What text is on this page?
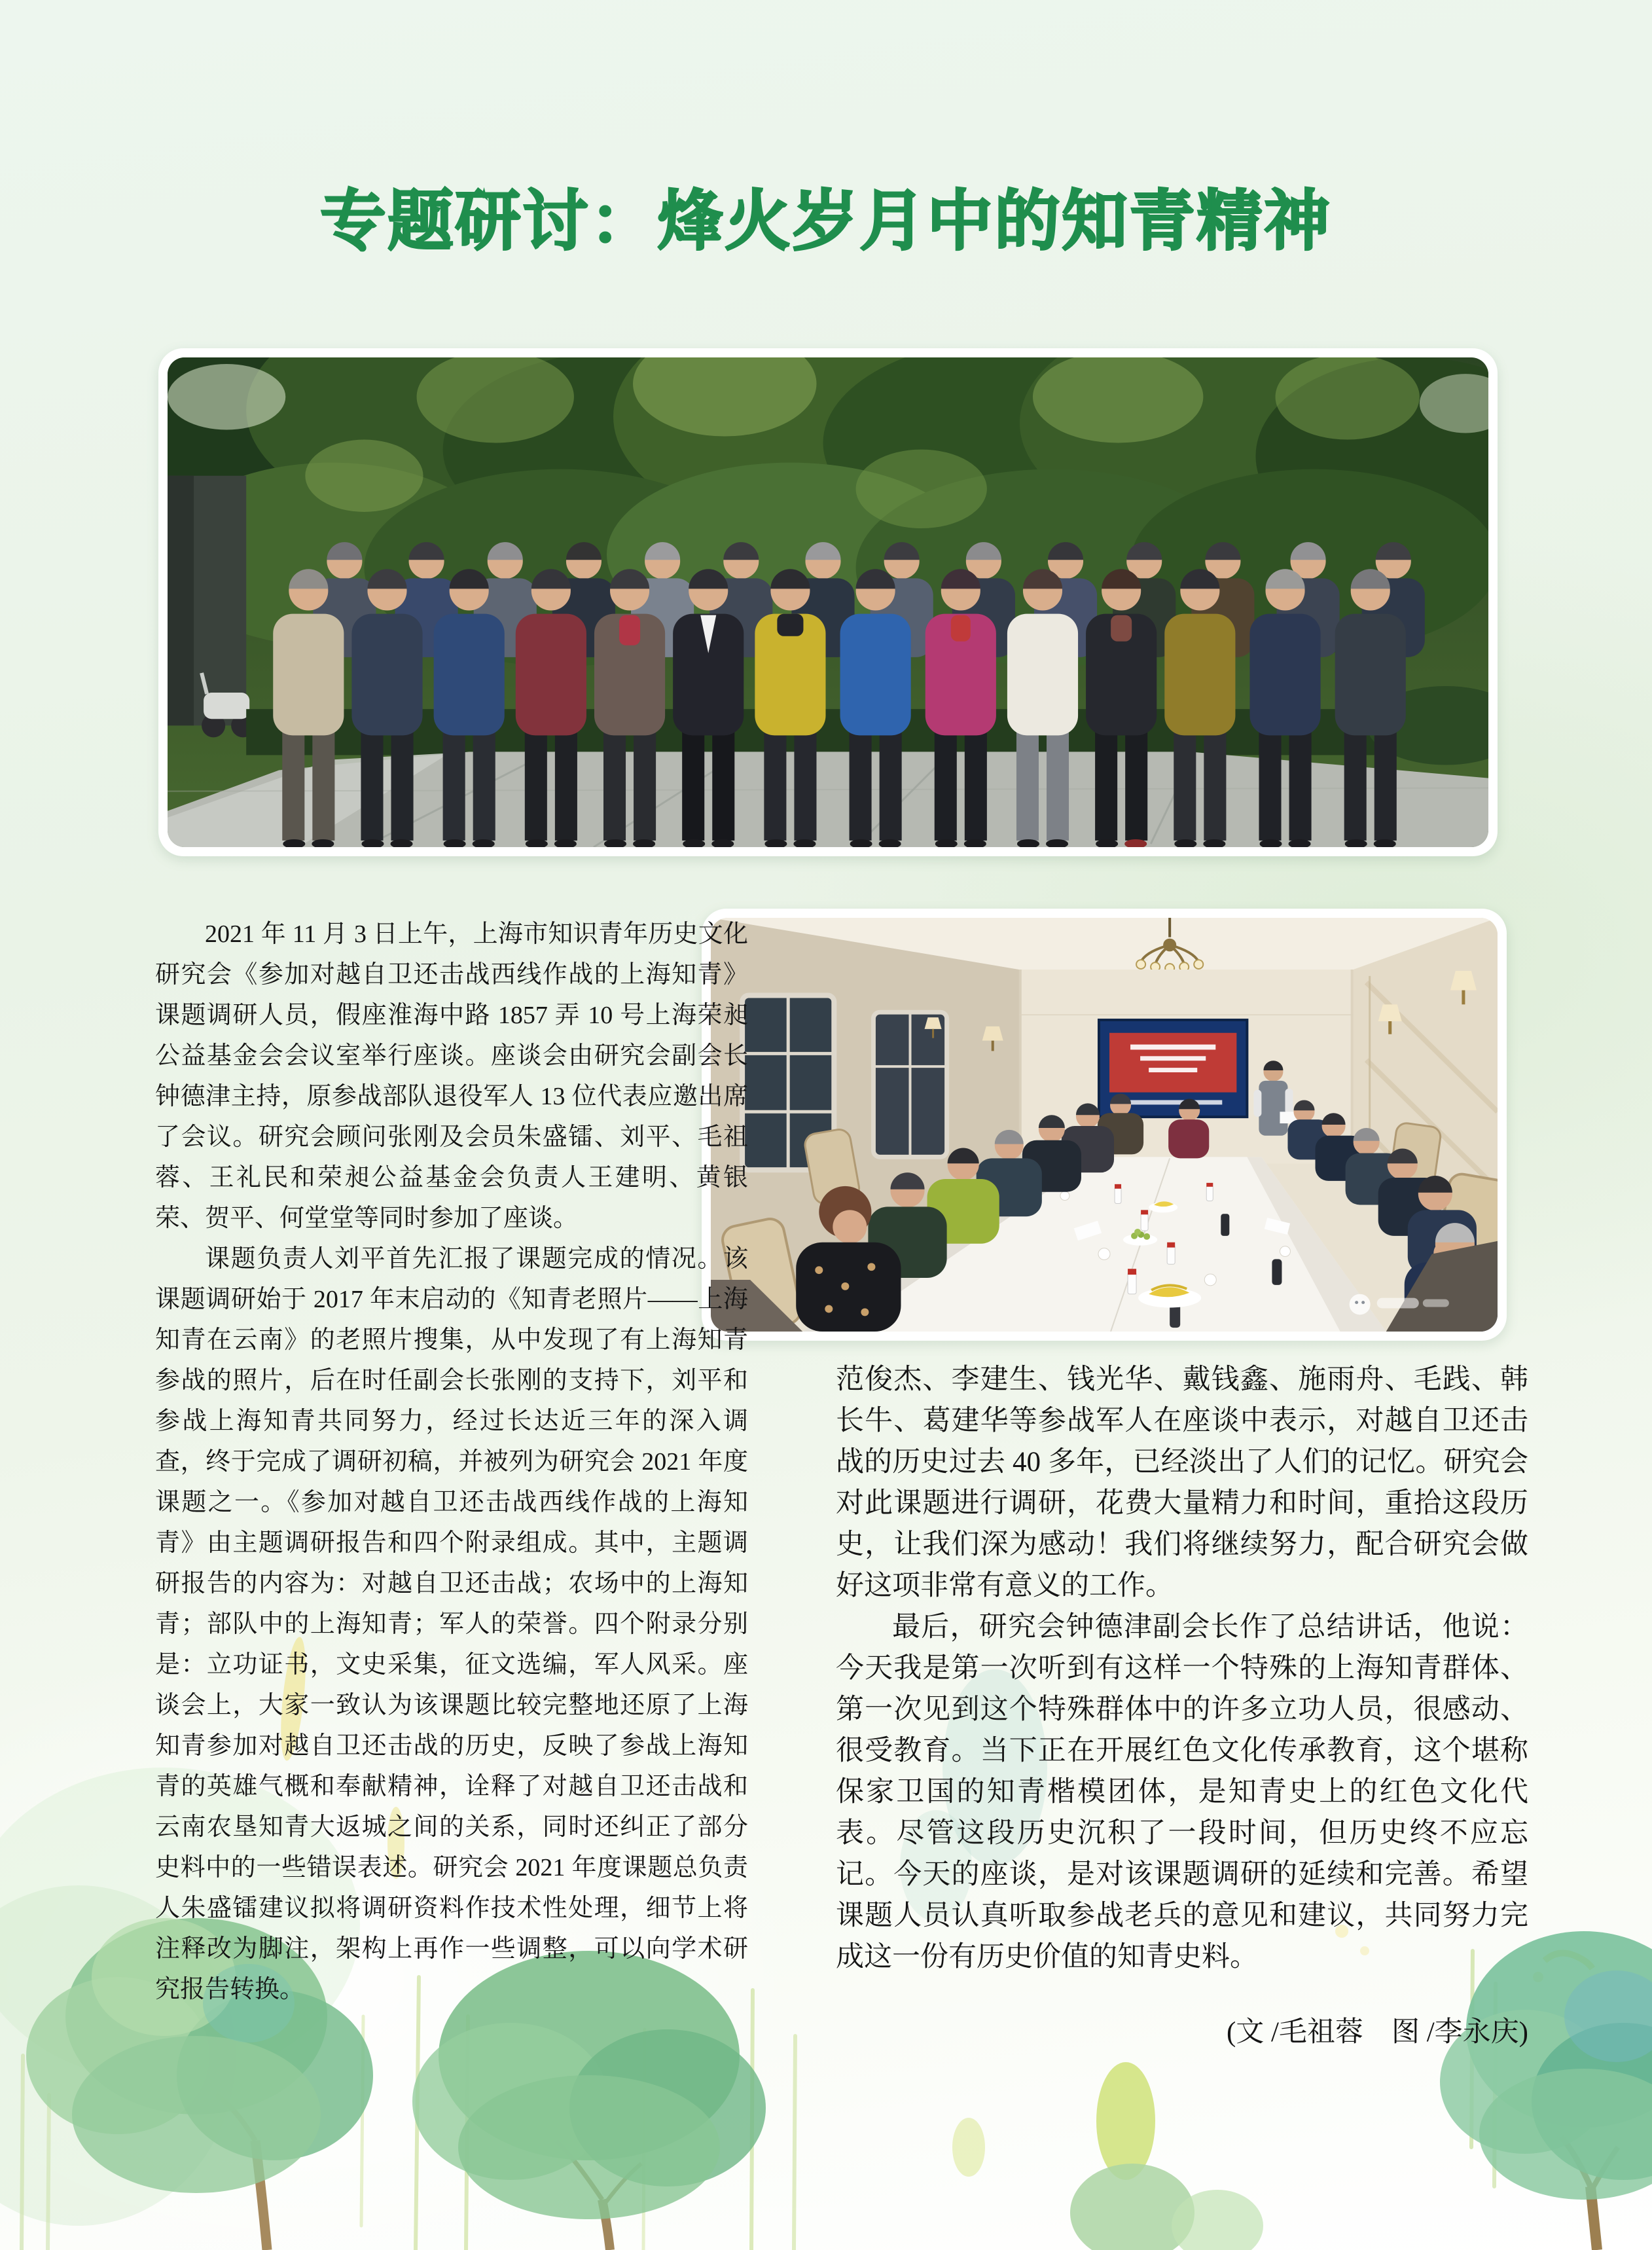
专题研讨：烽火岁月中的知青精神

2021 年 11 月 3 日上午，上海市知识青年历史文化研究会《参加对越自卫还击战西线作战的上海知青》课题调研人员，假座淮海中路 1857 弄 10 号上海荣昶公益基金会会议室举行座谈。座谈会由研究会副会长钟德津主持，原参战部队退役军人 13 位代表应邀出席了会议。研究会顾问张刚及会员朱盛镭、刘平、毛祖蓉、王礼民和荣昶公益基金会负责人王建明、黄银荣、贺平、何堂堂等同时参加了座谈。

课题负责人刘平首先汇报了课题完成的情况。该课题调研始于 2017 年末启动的《知青老照片——上海知青在云南》的老照片搜集，从中发现了有上海知青参战的照片，后在时任副会长张刚的支持下，刘平和参战上海知青共同努力，经过长达近三年的深入调查，终于完成了调研初稿，并被列为研究会 2021 年度课题之一。《参加对越自卫还击战西线作战的上海知青》由主题调研报告和四个附录组成。其中，主题调研报告的内容为：对越自卫还击战；农场中的上海知青；部队中的上海知青；军人的荣誉。四个附录分别是：立功证书，文史采集，征文选编，军人风采。座谈会上，大家一致认为该课题比较完整地还原了上海知青参加对越自卫还击战的历史，反映了参战上海知青的英雄气概和奉献精神，诠释了对越自卫还击战和云南农垦知青大返城之间的关系，同时还纠正了部分史料中的一些错误表述。研究会 2021 年度课题总负责人朱盛镭建议拟将调研资料作技术性处理，细节上将注释改为脚注，架构上再作一些调整，可以向学术研究报告转换。

范俊杰、李建生、钱光华、戴钱鑫、施雨舟、毛践、韩长牛、葛建华等参战军人在座谈中表示，对越自卫还击战的历史过去 40 多年，已经淡出了人们的记忆。研究会对此课题进行调研，花费大量精力和时间，重拾这段历史，让我们深为感动！我们将继续努力，配合研究会做好这项非常有意义的工作。

最后，研究会钟德津副会长作了总结讲话，他说：今天我是第一次听到有这样一个特殊的上海知青群体、第一次见到这个特殊群体中的许多立功人员，很感动、很受教育。当下正在开展红色文化传承教育，这个堪称保家卫国的知青楷模团体，是知青史上的红色文化代表。尽管这段历史沉积了一段时间，但历史终不应忘记。今天的座谈，是对该课题调研的延续和完善。希望课题人员认真听取参战老兵的意见和建议，共同努力完成这一份有历史价值的知青史料。

(文 /毛祖蓉　图 /李永庆)
